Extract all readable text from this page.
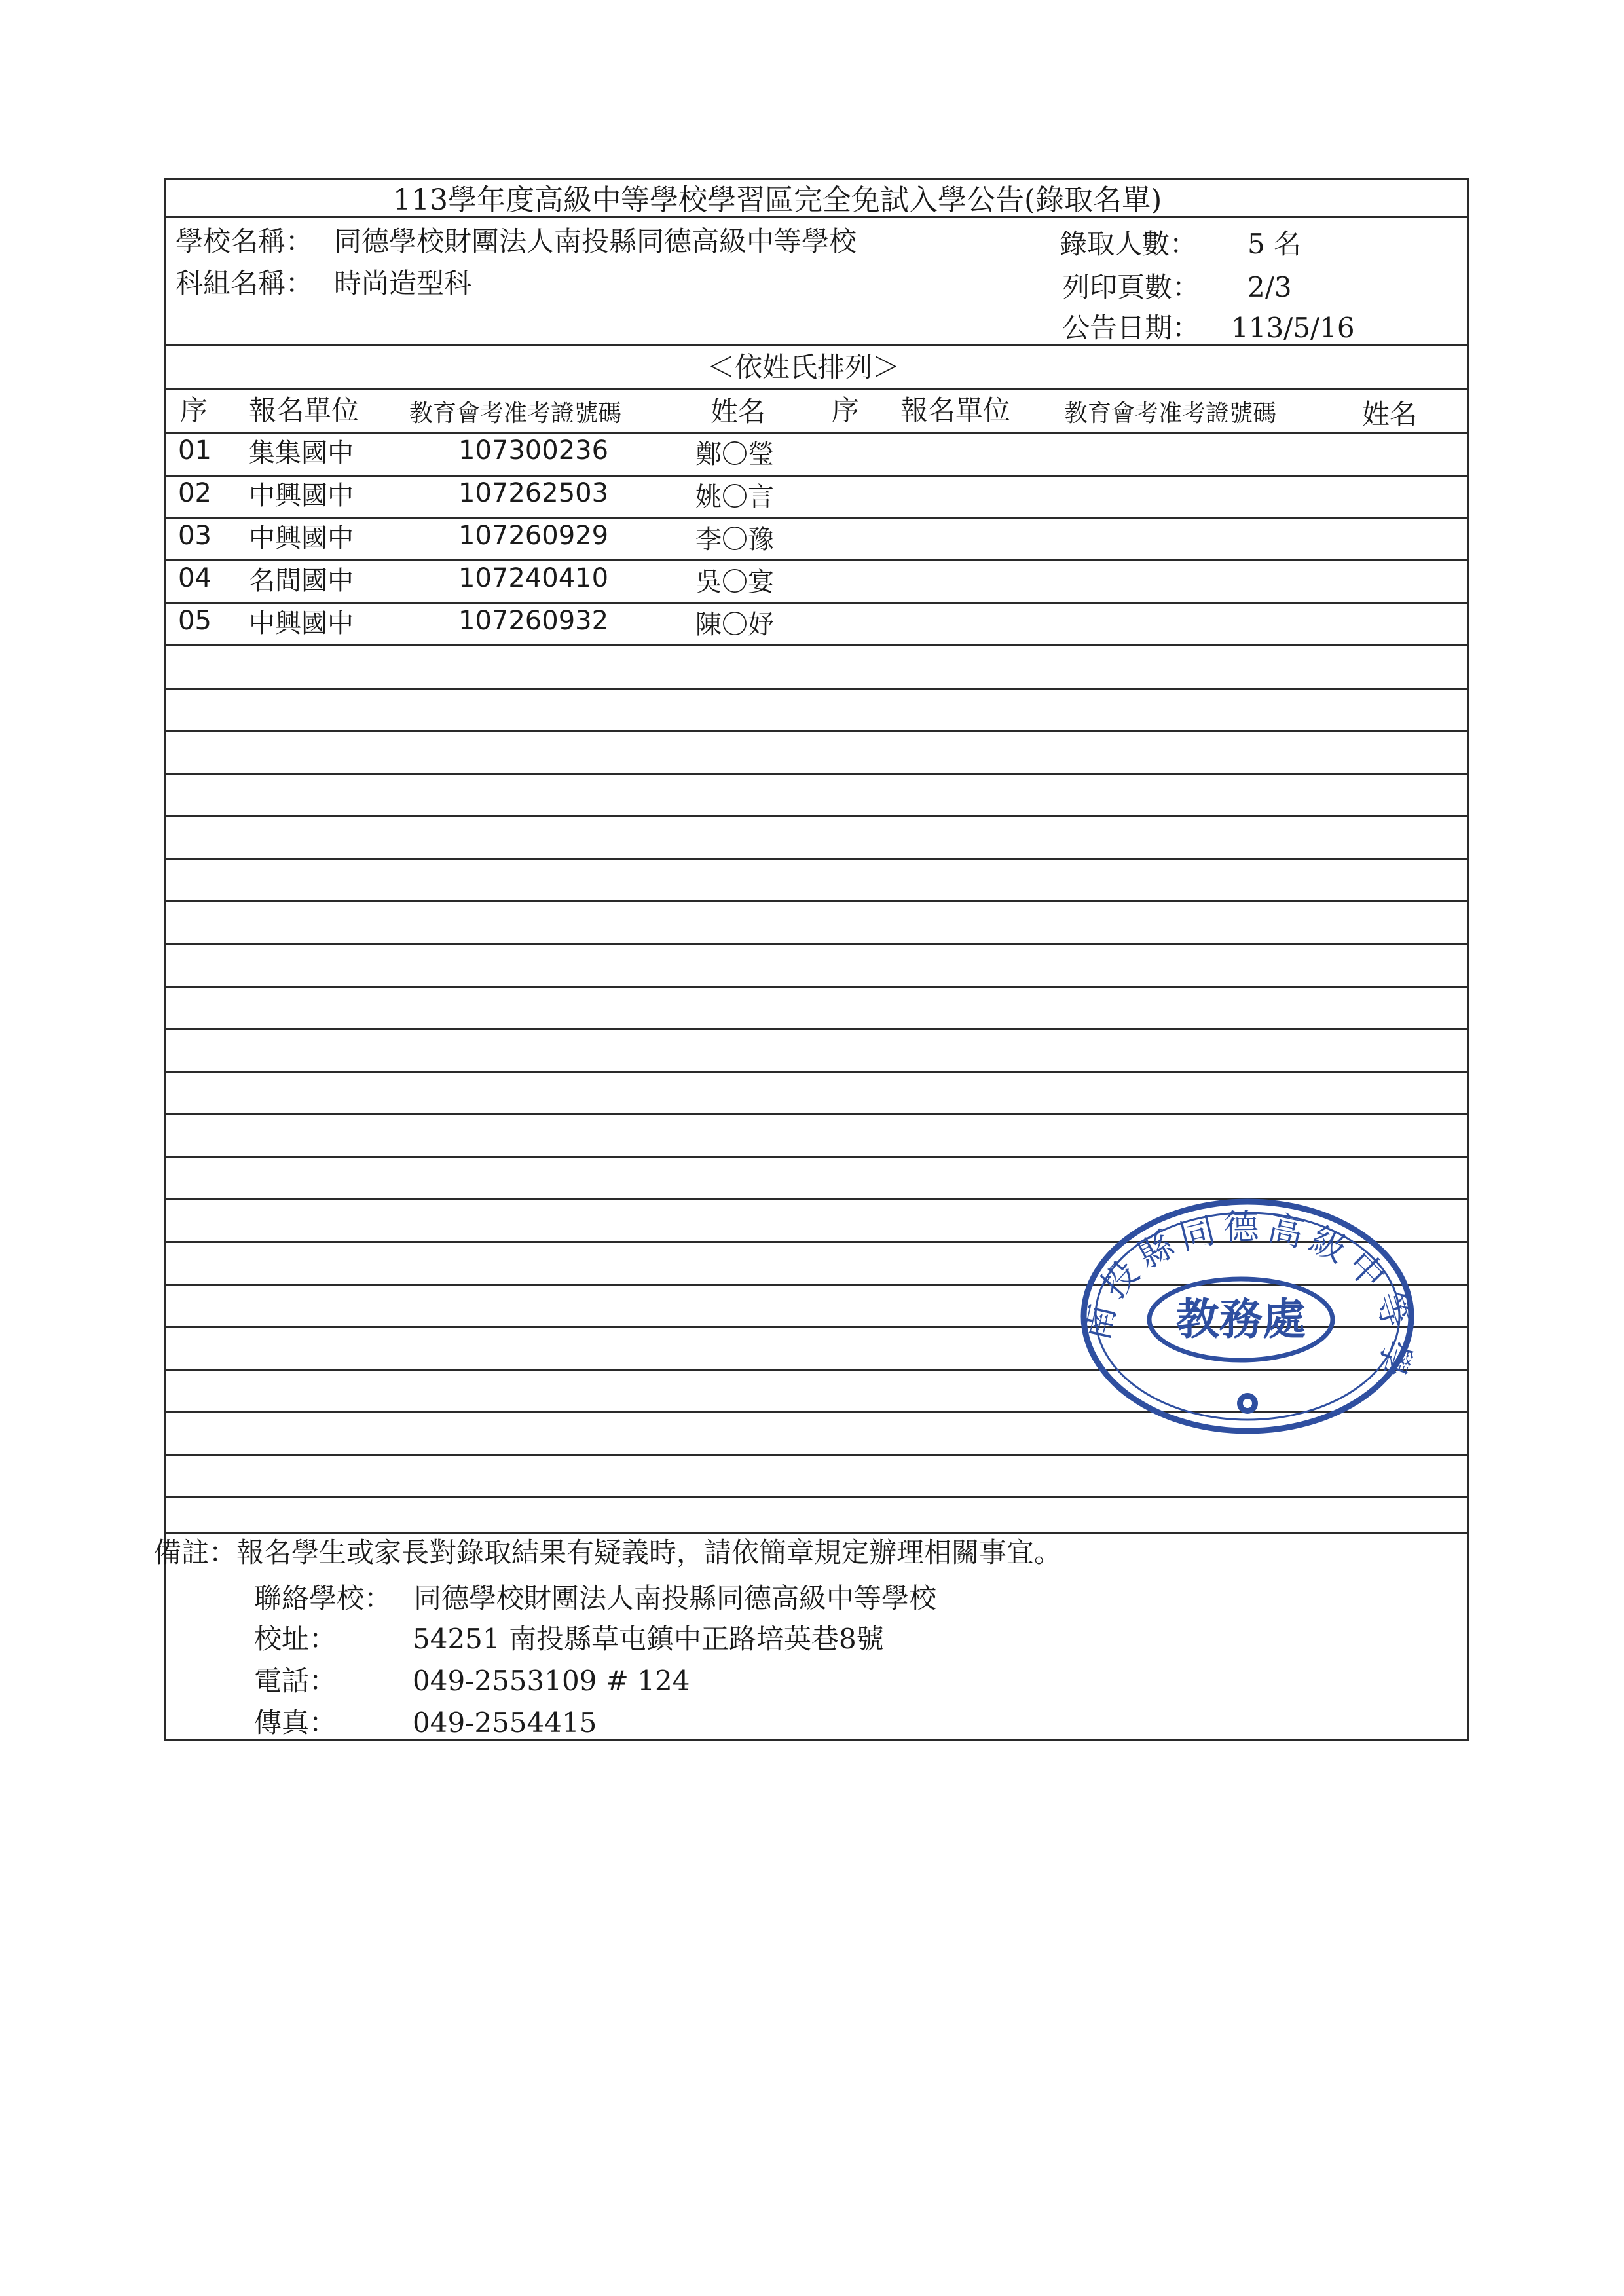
113學年度高級中等學校學習區完全免試入學公告(錄取名單)
學校名稱： 同德學校財團法人南投縣同德高級中等學校	錄取人數： 5 名
科組名稱： 時尚造型科	列印頁數： 2/3
公告日期： 113/5/16
＜依姓氏排列＞
序 報名單位 教育會考准考證號碼	姓名 序 報名單位 教育會考准考證號碼	姓名
01 集集國中	107300236	鄭〇瑩
02 中興國中	107262503	姚〇言
03 中興國中	107260929	李〇豫
04 名間國中	107240410	吳〇宴
05 中興國中	107260932	陳〇妤
南投縣同德高級中等學
教務處
備註：報名學生或家長對錄取結果有疑義時，請依簡章規定辦理相關事宜。
聯絡學校： 同德學校財團法人南投縣同德高級中等學校
校址：	54251 南投縣草屯鎮中正路培英巷8號
電話：	049-2553109 # 124
傳真：	049-2554415
